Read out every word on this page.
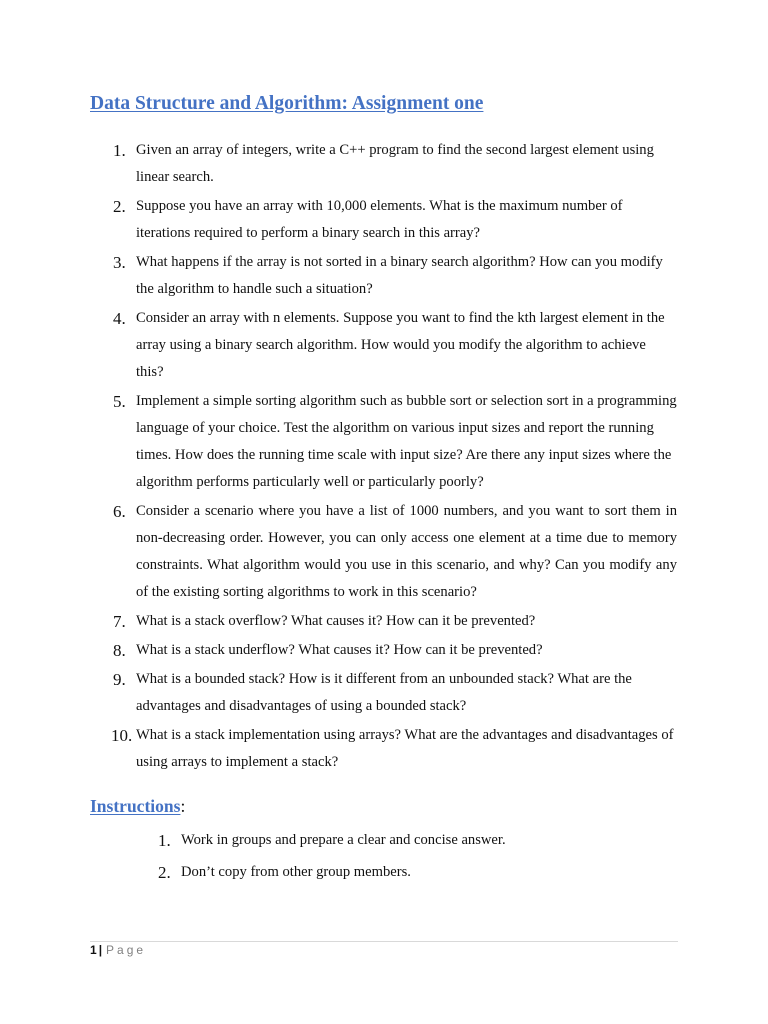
Data Structure and Algorithm: Assignment one
1. Given an array of integers, write a C++ program to find the second largest element using linear search.
2. Suppose you have an array with 10,000 elements. What is the maximum number of iterations required to perform a binary search in this array?
3. What happens if the array is not sorted in a binary search algorithm? How can you modify the algorithm to handle such a situation?
4. Consider an array with n elements. Suppose you want to find the kth largest element in the array using a binary search algorithm. How would you modify the algorithm to achieve this?
5. Implement a simple sorting algorithm such as bubble sort or selection sort in a programming language of your choice. Test the algorithm on various input sizes and report the running times. How does the running time scale with input size? Are there any input sizes where the algorithm performs particularly well or particularly poorly?
6. Consider a scenario where you have a list of 1000 numbers, and you want to sort them in non-decreasing order. However, you can only access one element at a time due to memory constraints. What algorithm would you use in this scenario, and why? Can you modify any of the existing sorting algorithms to work in this scenario?
7. What is a stack overflow? What causes it? How can it be prevented?
8. What is a stack underflow? What causes it? How can it be prevented?
9. What is a bounded stack? How is it different from an unbounded stack? What are the advantages and disadvantages of using a bounded stack?
10. What is a stack implementation using arrays? What are the advantages and disadvantages of using arrays to implement a stack?
Instructions:
1. Work in groups and prepare a clear and concise answer.
2. Don’t copy from other group members.
1 | Page
